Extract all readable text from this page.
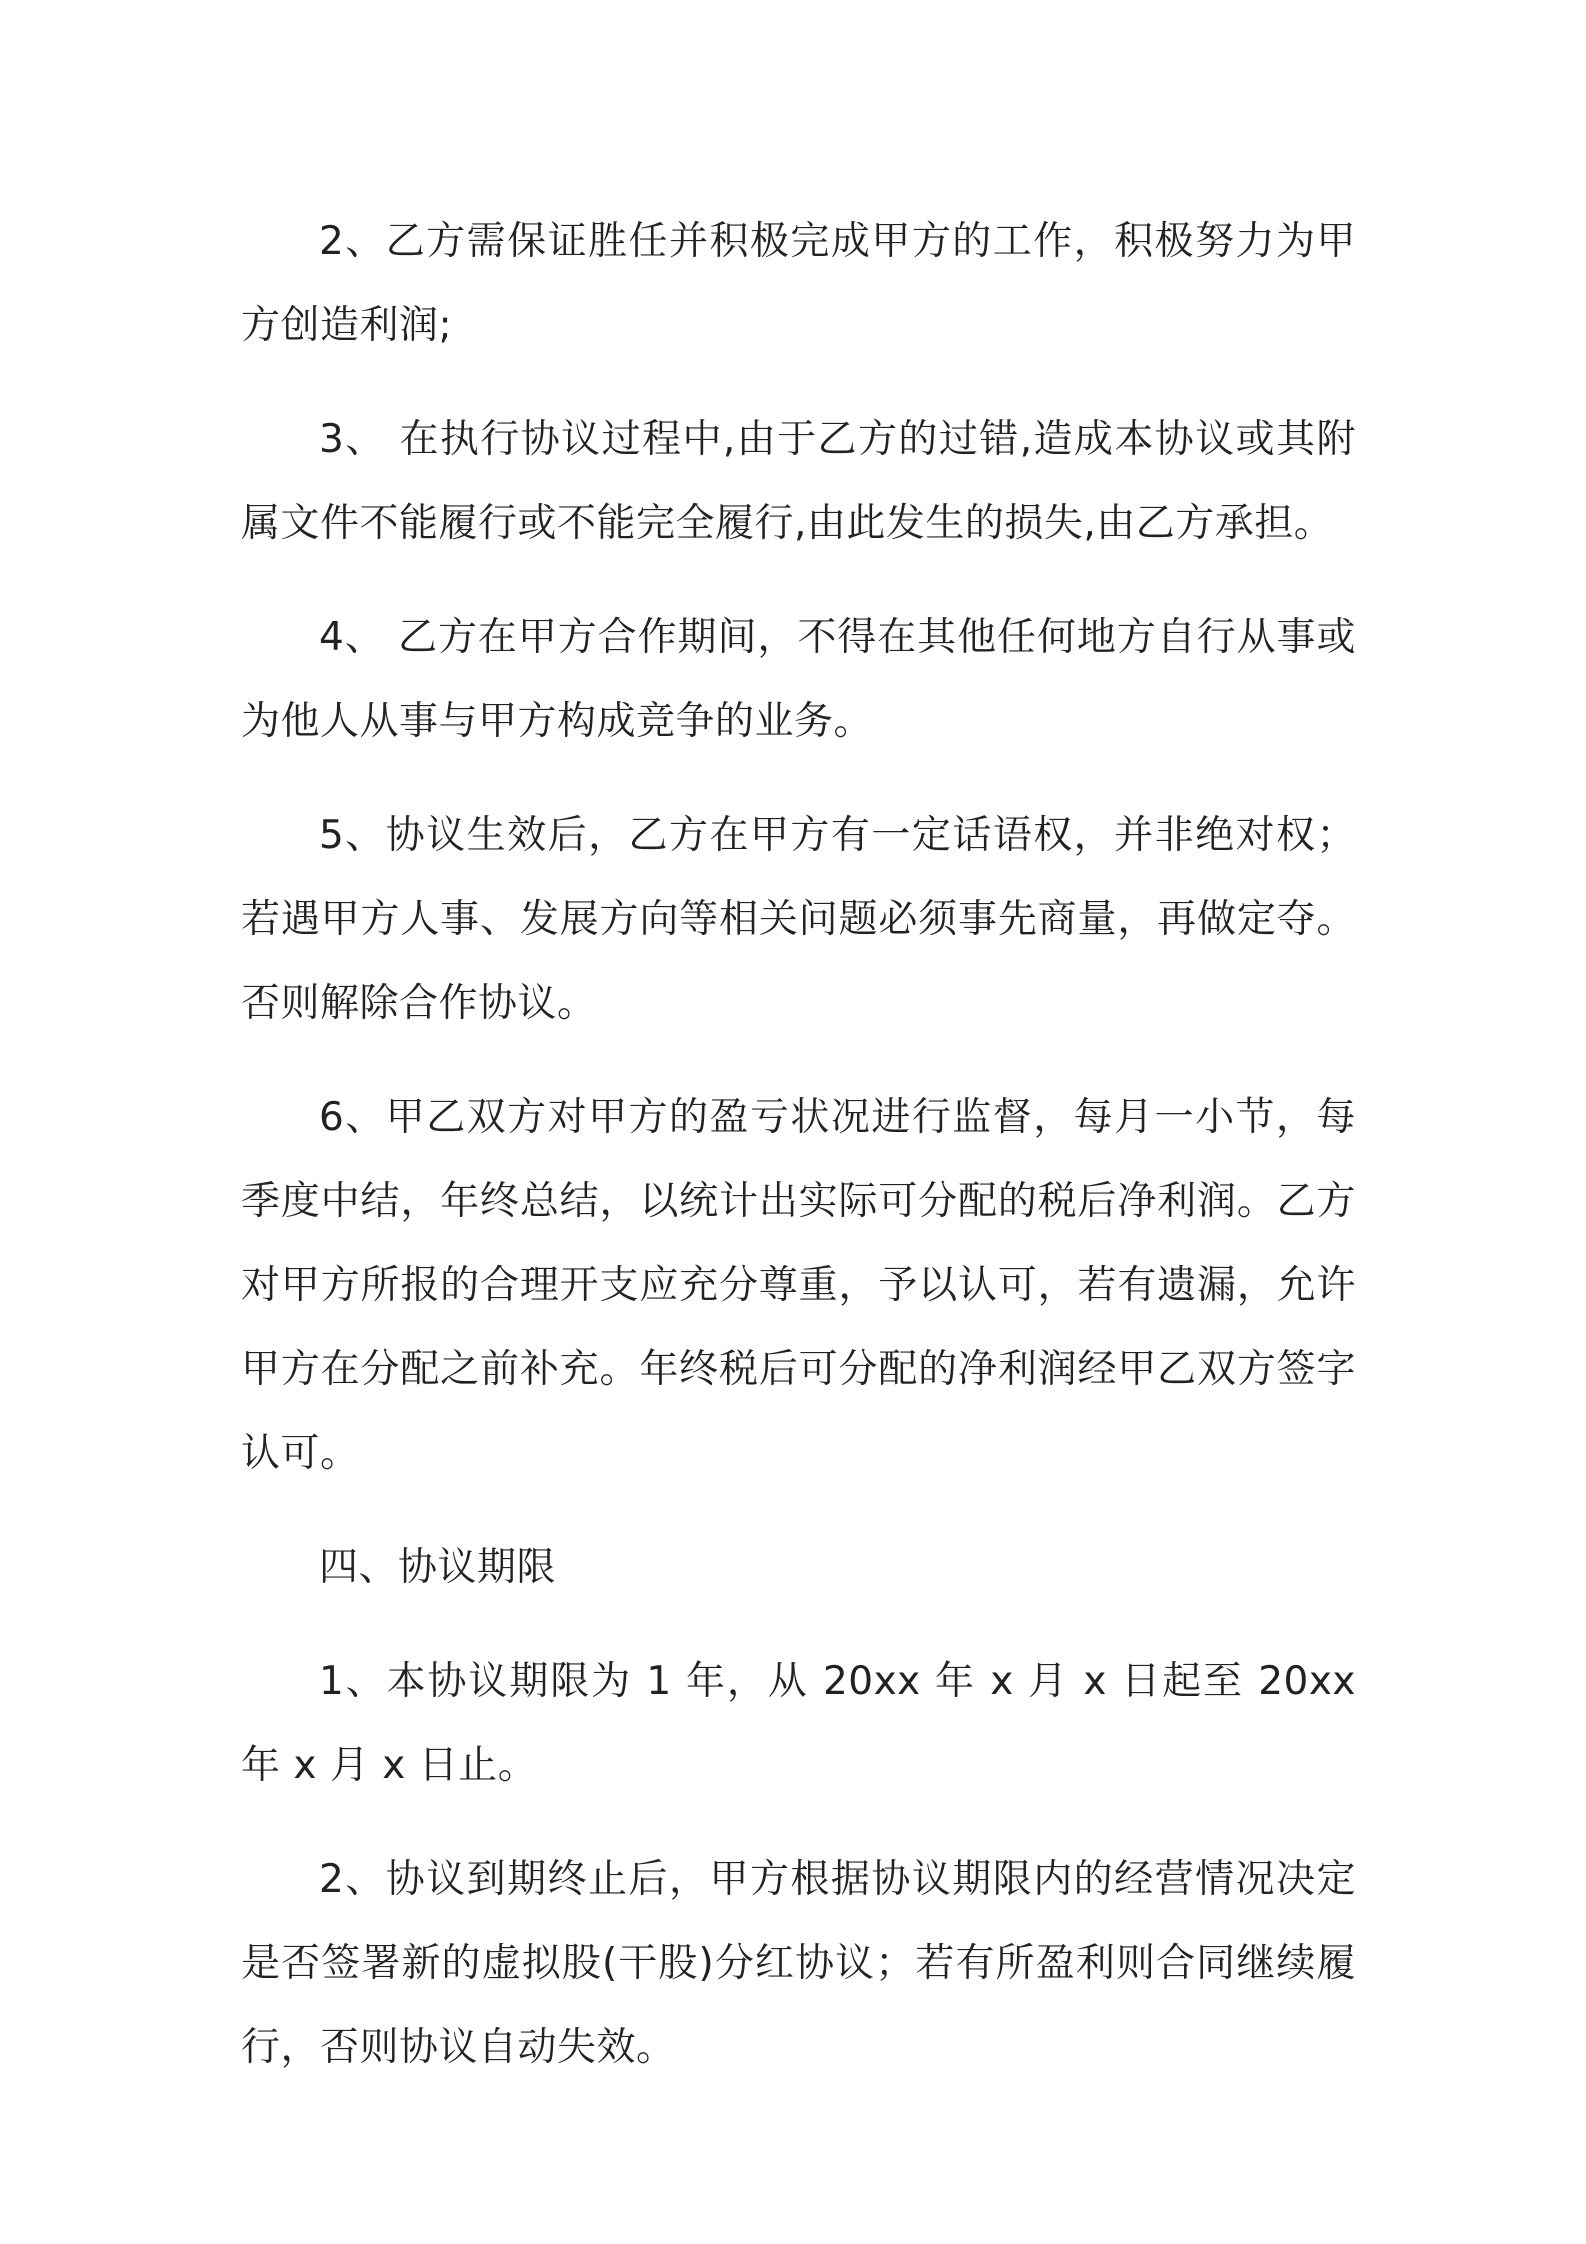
2、乙方需保证胜任并积极完成甲方的工作，积极努力为甲方创造利润;

3、 在执行协议过程中,由于乙方的过错,造成本协议或其附属文件不能履行或不能完全履行,由此发生的损失,由乙方承担。

4、 乙方在甲方合作期间，不得在其他任何地方自行从事或为他人从事与甲方构成竞争的业务。

5、协议生效后，乙方在甲方有一定话语权，并非绝对权；若遇甲方人事、发展方向等相关问题必须事先商量，再做定夺。否则解除合作协议。

6、甲乙双方对甲方的盈亏状况进行监督，每月一小节，每季度中结，年终总结，以统计出实际可分配的税后净利润。乙方对甲方所报的合理开支应充分尊重，予以认可，若有遗漏，允许甲方在分配之前补充。年终税后可分配的净利润经甲乙双方签字认可。

四、协议期限

1、本协议期限为 1 年，从 20xx 年 x 月 x 日起至 20xx 年 x 月 x 日止。

2、协议到期终止后，甲方根据协议期限内的经营情况决定是否签署新的虚拟股(干股)分红协议；若有所盈利则合同继续履行，否则协议自动失效。
